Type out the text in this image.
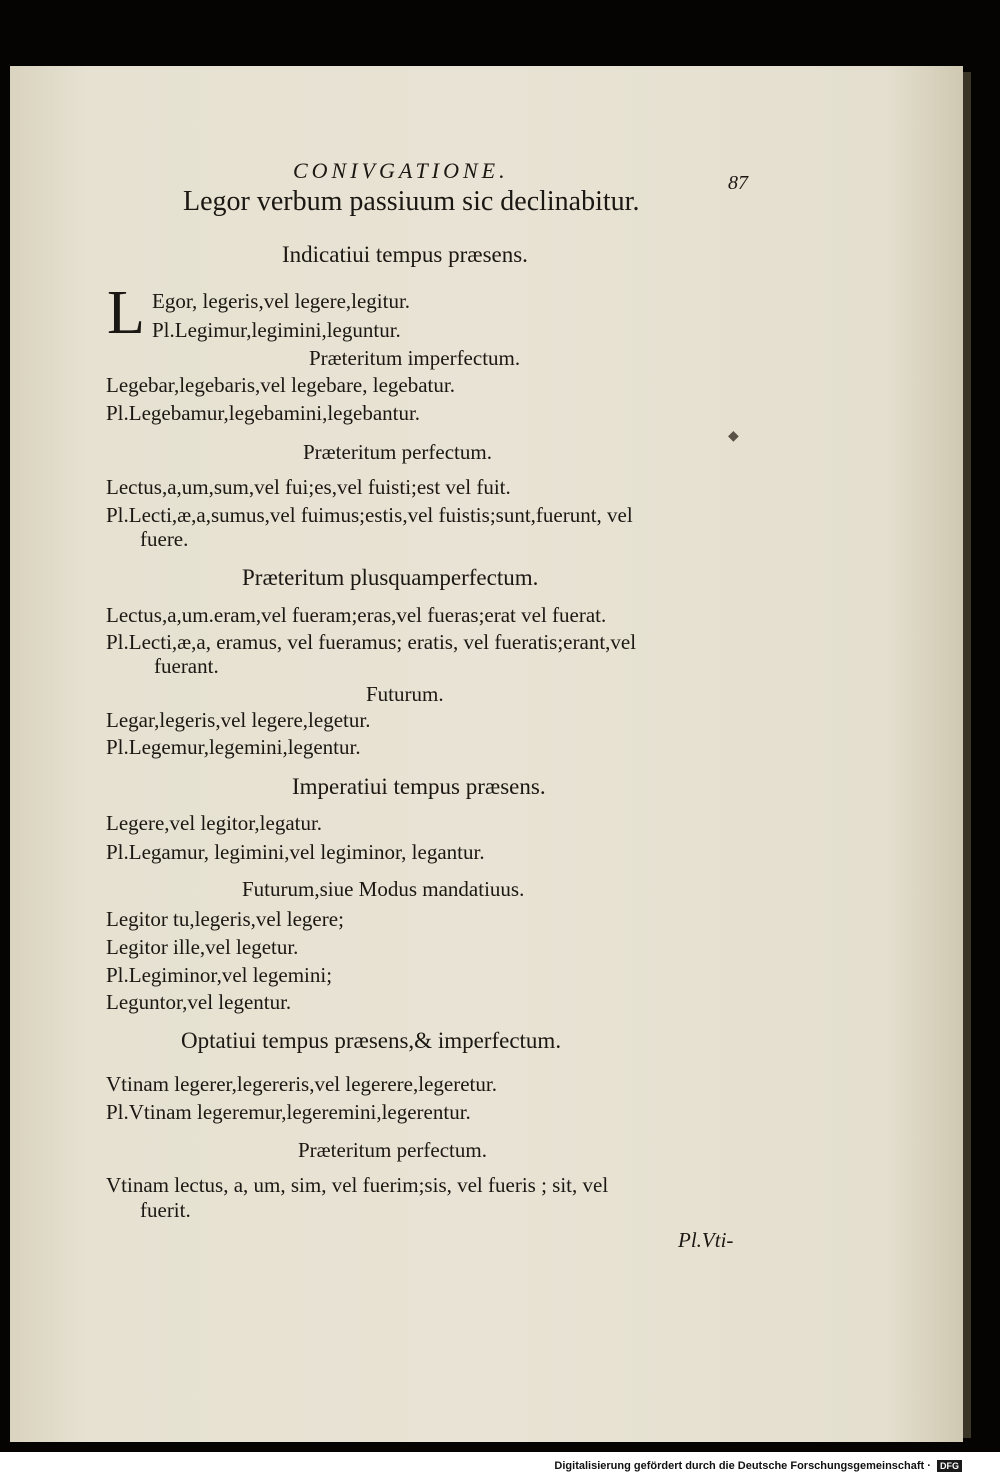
CONIVGATIONE.	87
Legor verbum passiuum sic declinabitur.
Indicatiui tempus præsens.
L Egor, legeris,vel legere,legitur.
Pl.Legimur,legimini,leguntur.
Præteritum imperfectum.
Legebar,legebaris,vel legebare, legebatur.
Pl.Legebamur,legebamini,legebantur.
Præteritum perfectum.
Lectus,a,um,sum,vel fui;es,vel fuisti;est vel fuit.
Pl.Lecti,æ,a,sumus,vel fuimus;estis,vel fuistis;sunt,fuerunt, vel
fuere.
Præteritum plusquamperfectum.
Lectus,a,um.eram,vel fueram;eras,vel fueras;erat vel fuerat.
Pl.Lecti,æ,a, eramus, vel fueramus; eratis, vel fueratis;erant,vel
fuerant.
Futurum.
Legar,legeris,vel legere,legetur.
Pl.Legemur,legemini,legentur.
Imperatiui tempus præsens.
Legere,vel legitor,legatur.
Pl.Legamur, legimini,vel legiminor, legantur.
Futurum,siue Modus mandatiuus.
Legitor tu,legeris,vel legere;
Legitor ille,vel legetur.
Pl.Legiminor,vel legemini;
Leguntor,vel legentur.
Optatiui tempus præsens,& imperfectum.
Vtinam legerer,legereris,vel legerere,legeretur.
Pl.Vtinam legeremur,legeremini,legerentur.
Præteritum perfectum.
Vtinam lectus, a, um, sim, vel fuerim;sis, vel fueris ; sit, vel
fuerit.
Pl.Vti-
◆
Digitalisierung gefördert durch die Deutsche Forschungsgemeinschaft · DFG
